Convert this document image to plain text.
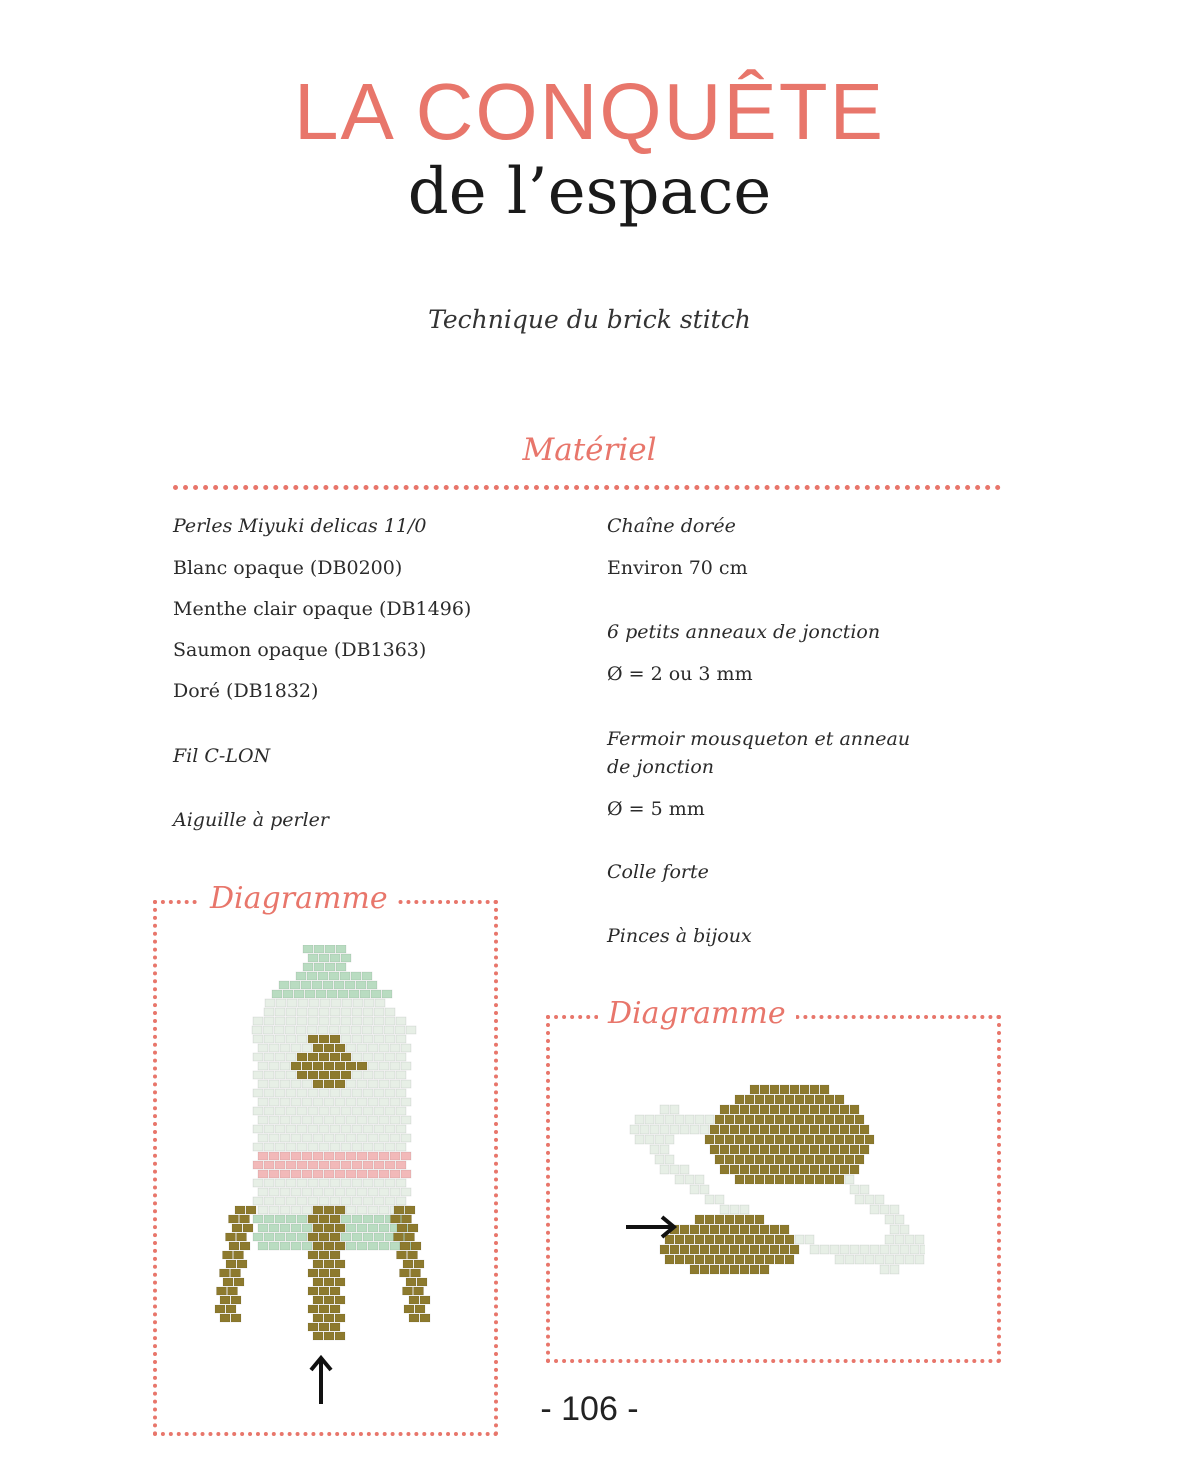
LA CONQUÊTE
de l’espace
Technique du brick stitch
Matériel
Perles Miyuki delicas 11/0
Blanc opaque (DB0200)
Menthe clair opaque (DB1496)
Saumon opaque (DB1363)
Doré (DB1832)
Fil C-LON
Aiguille à perler
Chaîne dorée
Environ 70 cm
6 petits anneaux de jonction
Ø = 2 ou 3 mm
Fermoir mousqueton et anneau
de jonction
Ø = 5 mm
Colle forte
Pinces à bijoux
Diagramme
Diagramme
- 106 -
